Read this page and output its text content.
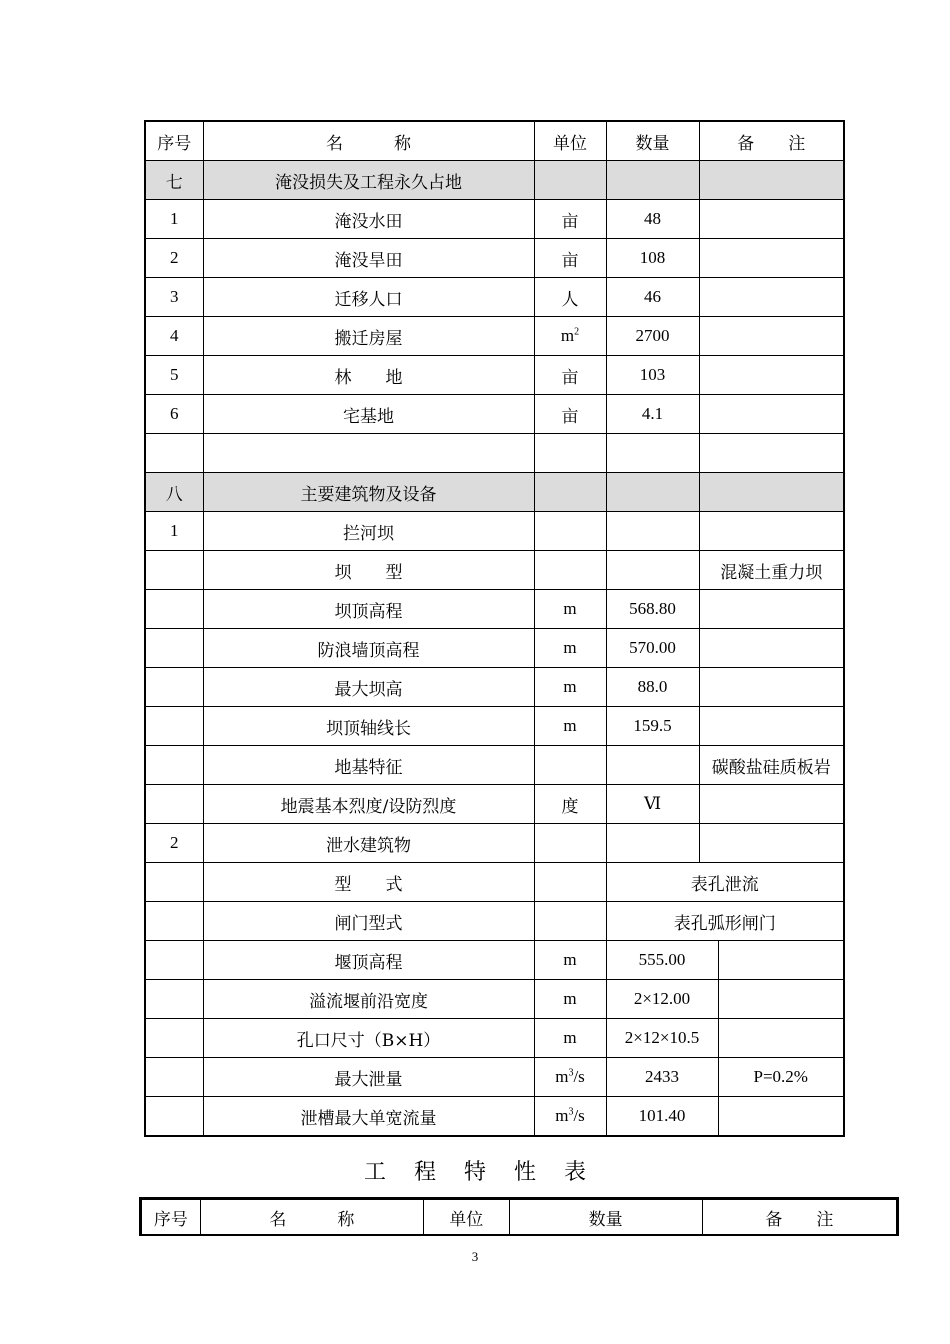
序号	名　　　称	单位	数量	备　　注	
七	淹没损失及工程永久占地				
1	淹没水田	亩	48		
2	淹没旱田	亩	108		
3	迁移人口	人	46		
4	搬迁房屋	$m^2$	2700		
5	林　　地	亩	103		
6	宅基地	亩	4.1		

八	主要建筑物及设备				
1	拦河坝				
	坝　　型			混凝土重力坝	
	坝顶高程	m	568.80		
	防浪墙顶高程	m	570.00		
	最大坝高	m	88.0		
	坝顶轴线长	m	159.5		
	地基特征			碳酸盐硅质板岩	
	地震基本烈度/设防烈度	度	Ⅵ		
2	泄水建筑物				
	型　　式		表孔泄流		
	闸门型式		表孔弧形闸门		
	堰顶高程	m	555.00		
	溢流堰前沿宽度	m	2×12.00		
	孔口尺寸（B×H）	m	2×12×10.5		
	最大泄量	$m^3/s$	2433		P=0.2%
	泄槽最大单宽流量	$m^3/s$	101.40		
工程特性表
序号	名　　　称	单位	数量	备　　注
3
